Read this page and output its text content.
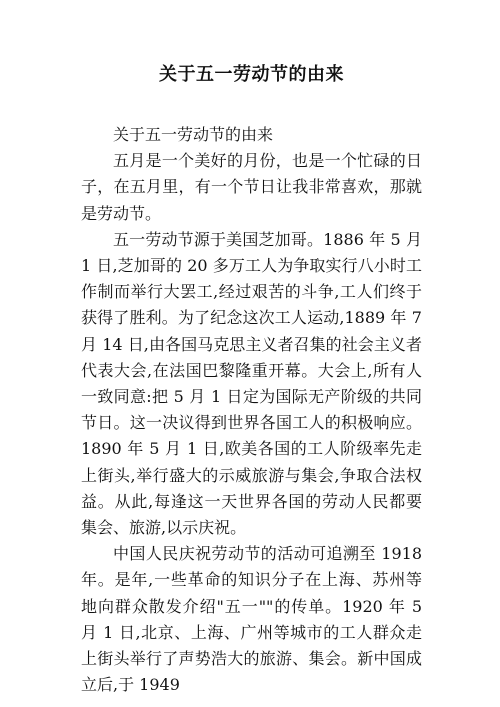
关于五一劳动节的由来

关于五一劳动节的由来

五月是一个美好的月份，也是一个忙碌的日子，在五月里，有一个节日让我非常喜欢，那就是劳动节。

五一劳动节源于美国芝加哥。1886 年 5 月 1 日,芝加哥的 20 多万工人为争取实行八小时工作制而举行大罢工,经过艰苦的斗争,工人们终于获得了胜利。为了纪念这次工人运动,1889 年 7 月 14 日,由各国马克思主义者召集的社会主义者代表大会,在法国巴黎隆重开幕。大会上,所有人一致同意:把 5 月 1 日定为国际无产阶级的共同节日。这一决议得到世界各国工人的积极响应。1890 年 5 月 1 日,欧美各国的工人阶级率先走上街头,举行盛大的示威旅游与集会,争取合法权益。从此,每逢这一天世界各国的劳动人民都要集会、旅游,以示庆祝。

中国人民庆祝劳动节的活动可追溯至 1918 年。是年,一些革命的知识分子在上海、苏州等地向群众散发介绍"五一""的传单。1920 年 5 月 1 日,北京、上海、广州等城市的工人群众走上街头举行了声势浩大的旅游、集会。新中国成立后,于 1949
